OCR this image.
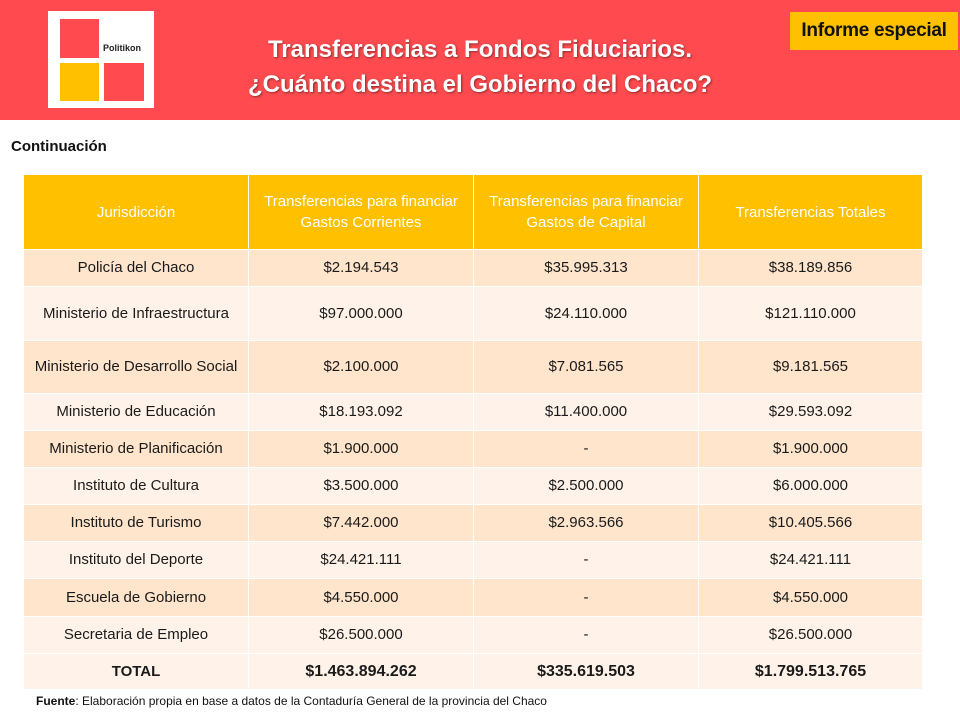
Politikon	Transferencias a Fondos Fiduciarios.
¿Cuánto destina el Gobierno del Chaco?
Informe especial
Continuación
Jurisdicción	Transferencias para financiar Gastos Corrientes	Transferencias para financiar Gastos de Capital	Transferencias Totales
Policía del Chaco	$2.194.543	$35.995.313	$38.189.856
Ministerio de Infraestructura	$97.000.000	$24.110.000	$121.110.000
Ministerio de Desarrollo Social	$2.100.000	$7.081.565	$9.181.565
Ministerio de Educación	$18.193.092	$11.400.000	$29.593.092
Ministerio de Planificación	$1.900.000	-	$1.900.000
Instituto de Cultura	$3.500.000	$2.500.000	$6.000.000
Instituto de Turismo	$7.442.000	$2.963.566	$10.405.566
Instituto del Deporte	$24.421.111	-	$24.421.111
Escuela de Gobierno	$4.550.000	-	$4.550.000
Secretaria de Empleo	$26.500.000	-	$26.500.000
TOTAL	$1.463.894.262	$335.619.503	$1.799.513.765
Fuente: Elaboración propia en base a datos de la Contaduría General de la provincia del Chaco
